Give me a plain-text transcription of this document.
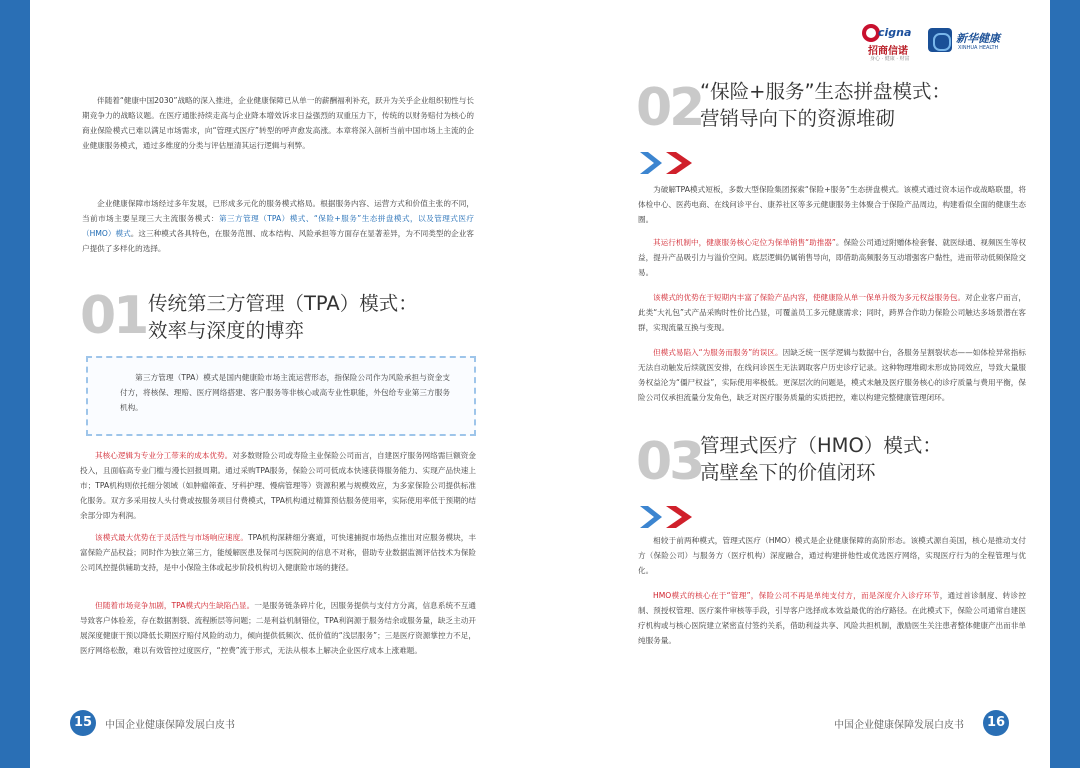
伴随着“健康中国2030”战略的深入推进，企业健康保障已从单一的薪酬福利补充，跃升为关乎企业组织韧性与长期竞争力的战略议题。在医疗通胀持续走高与企业降本增效诉求日益强烈的双重压力下，传统的以财务赔付为核心的商业保险模式已难以满足市场需求，向“管理式医疗”转型的呼声愈发高涨。本章将深入剖析当前中国市场上主流的企业健康服务模式，通过多维度的分类与评估厘清其运行逻辑与利弊。

企业健康保障市场经过多年发展，已形成多元化的服务模式格局。根据服务内容、运营方式和价值主张的不同，当前市场主要呈现三大主流服务模式：第三方管理（TPA）模式、“保险+服务”生态拼盘模式，以及管理式医疗（HMO）模式。这三种模式各具特色，在服务范围、成本结构、风险承担等方面存在显著差异，为不同类型的企业客户提供了多样化的选择。

01 传统第三方管理（TPA）模式：
效率与深度的博弈

第三方管理（TPA）模式是国内健康险市场主流运营形态，指保险公司作为风险承担与资金支付方，将核保、理赔、医疗网络搭建、客户服务等非核心或高专业性职能，外包给专业第三方服务机构。

其核心逻辑为专业分工带来的成本优势。对多数财险公司或寿险主业保险公司而言，自建医疗服务网络需巨额资金投入，且面临高专业门槛与漫长回报周期。通过采购TPA服务，保险公司可低成本快速获得服务能力、实现产品快速上市；TPA机构则依托细分领域（如肿瘤筛查、牙科护理、慢病管理等）资源积累与规模效应，为多家保险公司提供标准化服务。双方多采用按人头付费或按服务项目付费模式，TPA机构通过精算预估服务使用率，实际使用率低于预期的结余部分即为利润。

该模式最大优势在于灵活性与市场响应速度。TPA机构深耕细分赛道，可快速捕捉市场热点推出对应服务模块，丰富保险产品权益；同时作为独立第三方，能缓解医患及保司与医院间的信息不对称，借助专业数据监测评估技术为保险公司风控提供辅助支持，是中小保险主体或起步阶段机构切入健康险市场的捷径。

但随着市场竞争加剧，TPA模式内生缺陷凸显。一是服务链条碎片化，因服务提供与支付方分离，信息系统不互通导致客户体验差，存在数据割裂、流程断层等问题；二是利益机制错位，TPA利润源于服务结余或服务量，缺乏主动开展深度健康干预以降低长期医疗赔付风险的动力，倾向提供低频次、低价值的“浅层服务”；三是医疗资源掌控力不足，医疗网络松散，难以有效管控过度医疗，“控费”流于形式，无法从根本上解决企业医疗成本上涨难题。

15	中国企业健康保障发展白皮书
cigna
招商信诺
身心 · 健康 · 财富
新华健康
XINHUA HEALTH
02
“保险+服务”生态拼盘模式：
营销导向下的资源堆砌

为破解TPA模式短板，多数大型保险集团探索“保险+服务”生态拼盘模式。该模式通过资本运作或战略联盟，将体检中心、医药电商、在线问诊平台、康养社区等多元健康服务主体聚合于保险产品周边，构建看似全面的健康生态圈。

其运行机制中，健康服务核心定位为保单销售“助推器”。保险公司通过附赠体检套餐、就医绿通、视频医生等权益，提升产品吸引力与溢价空间。底层逻辑仍属销售导向，即借助高频服务互动增强客户黏性，进而带动低频保险交易。

该模式的优势在于短期内丰富了保险产品内容，使健康险从单一保单升级为多元权益服务包。对企业客户而言，此类“大礼包”式产品采购时性价比凸显，可覆盖员工多元健康需求；同时，跨界合作助力保险公司触达多场景潜在客群，实现流量互换与变现。

但模式易陷入“为服务而服务”的误区。因缺乏统一医学逻辑与数据中台，各服务呈割裂状态——如体检异常指标无法自动触发后续就医安排，在线问诊医生无法调取客户历史诊疗记录。这种物理堆砌未形成协同效应，导致大量服务权益沦为“僵尸权益”，实际使用率极低。更深层次的问题是，模式未触及医疗服务核心的诊疗质量与费用平衡，保险公司仅承担流量分发角色，缺乏对医疗服务质量的实质把控，难以构建完整健康管理闭环。

03
管理式医疗（HMO）模式：
高壁垒下的价值闭环

相较于前两种模式，管理式医疗（HMO）模式是企业健康保障的高阶形态。该模式源自美国，核心是推动支付方（保险公司）与服务方（医疗机构）深度融合，通过构建拼他性或优选医疗网络，实现医疗行为的全程管理与优化。

HMO模式的核心在于“管理”，保险公司不再是单纯支付方，而是深度介入诊疗环节，通过首诊制度、转诊控制、预授权管理、医疗案件审核等手段，引导客户选择成本效益最优的治疗路径。在此模式下，保险公司通常自建医疗机构或与核心医院建立紧密直付签约关系，借助利益共享、风险共担机制，激励医生关注患者整体健康产出而非单纯服务量。

中国企业健康保障发展白皮书	16
